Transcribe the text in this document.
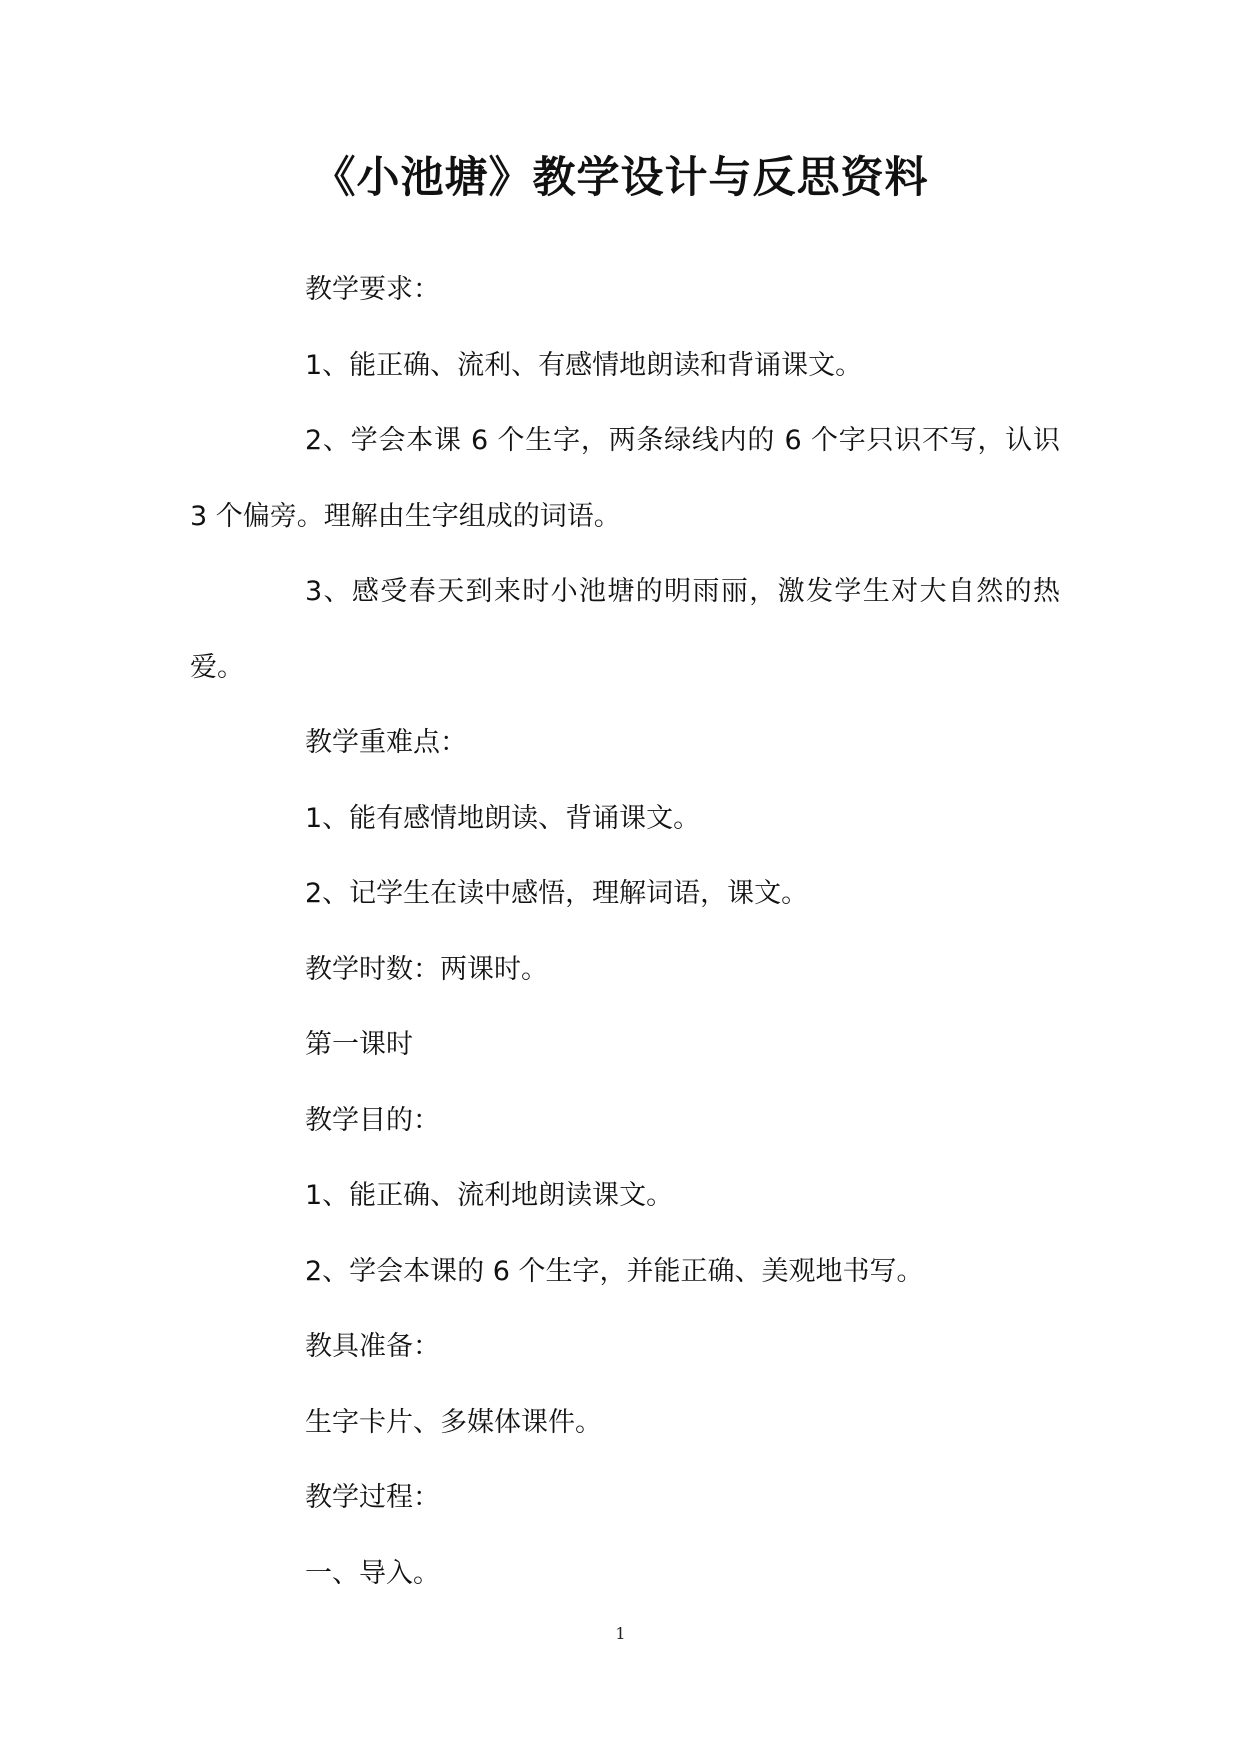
《小池塘》教学设计与反思资料

教学要求：

1、能正确、流利、有感情地朗读和背诵课文。

2、学会本课 6 个生字，两条绿线内的 6 个字只识不写，认识 3 个偏旁。理解由生字组成的词语。

3、感受春天到来时小池塘的明雨丽，激发学生对大自然的热爱。

教学重难点：

1、能有感情地朗读、背诵课文。

2、记学生在读中感悟，理解词语，课文。

教学时数：两课时。

第一课时

教学目的：

1、能正确、流利地朗读课文。

2、学会本课的 6 个生字，并能正确、美观地书写。

教具准备：

生字卡片、多媒体课件。

教学过程：

一、导入。

1
